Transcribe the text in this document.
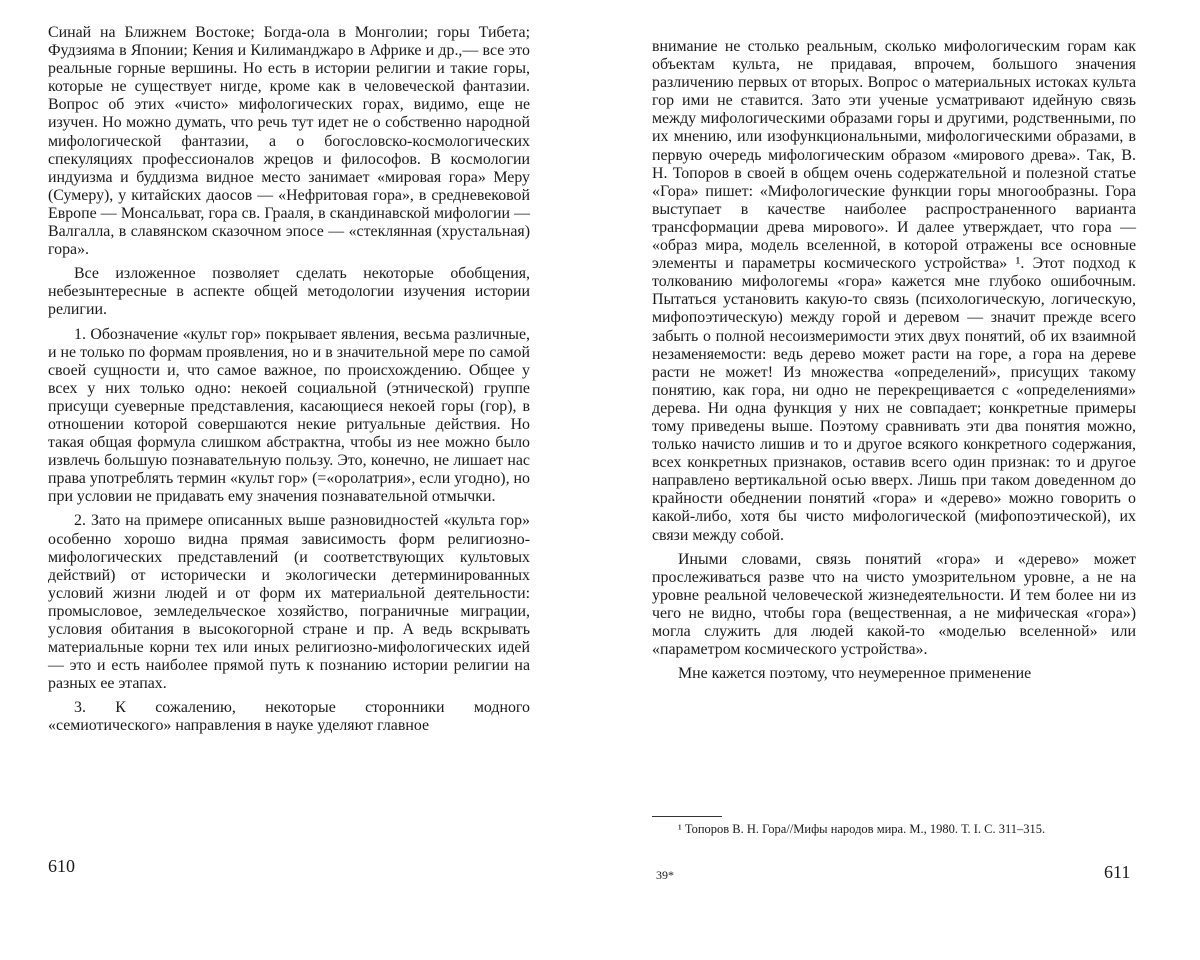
Синай на Ближнем Востоке; Богда-ола в Монголии; горы Тибета; Фудзияма в Японии; Кения и Килиманджаро в Африке и др.,— все это реальные горные вершины. Но есть в истории религии и такие горы, которые не существует нигде, кроме как в человеческой фантазии. Вопрос об этих «чисто» мифологических горах, видимо, еще не изучен. Но можно думать, что речь тут идет не о собственно народной мифологической фантазии, а о богословско-космологических спекуляциях профессионалов жрецов и философов. В космологии индуизма и буддизма видное место занимает «мировая гора» Меру (Сумеру), у китайских даосов — «Нефритовая гора», в средневековой Европе — Монсальват, гора св. Грааля, в скандинавской мифологии — Валгалла, в славянском сказочном эпосе — «стеклянная (хрустальная) гора».

Все изложенное позволяет сделать некоторые обобщения, небезынтересные в аспекте общей методологии изучения истории религии.

1. Обозначение «культ гор» покрывает явления, весьма различные, и не только по формам проявления, но и в значительной мере по самой своей сущности и, что самое важное, по происхождению. Общее у всех у них только одно: некоей социальной (этнической) группе присущи суеверные представления, касающиеся некоей горы (гор), в отношении которой совершаются некие ритуальные действия. Но такая общая формула слишком абстрактна, чтобы из нее можно было извлечь большую познавательную пользу. Это, конечно, не лишает нас права употреблять термин «культ гор» (=«оролатрия», если угодно), но при условии не придавать ему значения познавательной отмычки.

2. Зато на примере описанных выше разновидностей «культа гор» особенно хорошо видна прямая зависимость форм религиозно-мифологических представлений (и соответствующих культовых действий) от исторически и экологически детерминированных условий жизни людей и от форм их материальной деятельности: промысловое, земледельческое хозяйство, пограничные миграции, условия обитания в высокогорной стране и пр. А ведь вскрывать материальные корни тех или иных религиозно-мифологических идей — это и есть наиболее прямой путь к познанию истории религии на разных ее этапах.

3. К сожалению, некоторые сторонники модного «семиотического» направления в науке уделяют главное

610

внимание не столько реальным, сколько мифологическим горам как объектам культа, не придавая, впрочем, большого значения различению первых от вторых. Вопрос о материальных истоках культа гор ими не ставится. Зато эти ученые усматривают идейную связь между мифологическими образами горы и другими, родственными, по их мнению, или изофункциональными, мифологическими образами, в первую очередь мифологическим образом «мирового древа». Так, В. Н. Топоров в своей в общем очень содержательной и полезной статье «Гора» пишет: «Мифологические функции горы многообразны. Гора выступает в качестве наиболее распространенного варианта трансформации древа мирового». И далее утверждает, что гора — «образ мира, модель вселенной, в которой отражены все основные элементы и параметры космического устройства» ¹. Этот подход к толкованию мифологемы «гора» кажется мне глубоко ошибочным. Пытаться установить какую-то связь (психологическую, логическую, мифопоэтическую) между горой и деревом — значит прежде всего забыть о полной несоизмеримости этих двух понятий, об их взаимной незаменяемости: ведь дерево может расти на горе, а гора на дереве расти не может! Из множества «определений», присущих такому понятию, как гора, ни одно не перекрещивается с «определениями» дерева. Ни одна функция у них не совпадает; конкретные примеры тому приведены выше. Поэтому сравнивать эти два понятия можно, только начисто лишив и то и другое всякого конкретного содержания, всех конкретных признаков, оставив всего один признак: то и другое направлено вертикальной осью вверх. Лишь при таком доведенном до крайности обеднении понятий «гора» и «дерево» можно говорить о какой-либо, хотя бы чисто мифологической (мифопоэтической), их связи между собой.

Иными словами, связь понятий «гора» и «дерево» может прослеживаться разве что на чисто умозрительном уровне, а не на уровне реальной человеческой жизнедеятельности. И тем более ни из чего не видно, чтобы гора (вещественная, а не мифическая «гора») могла служить для людей какой-то «моделью вселенной» или «параметром космического устройства».

Мне кажется поэтому, что неумеренное применение

¹ Топоров В. Н. Гора//Мифы народов мира. М., 1980. Т. I. С. 311–315.

39*	611
